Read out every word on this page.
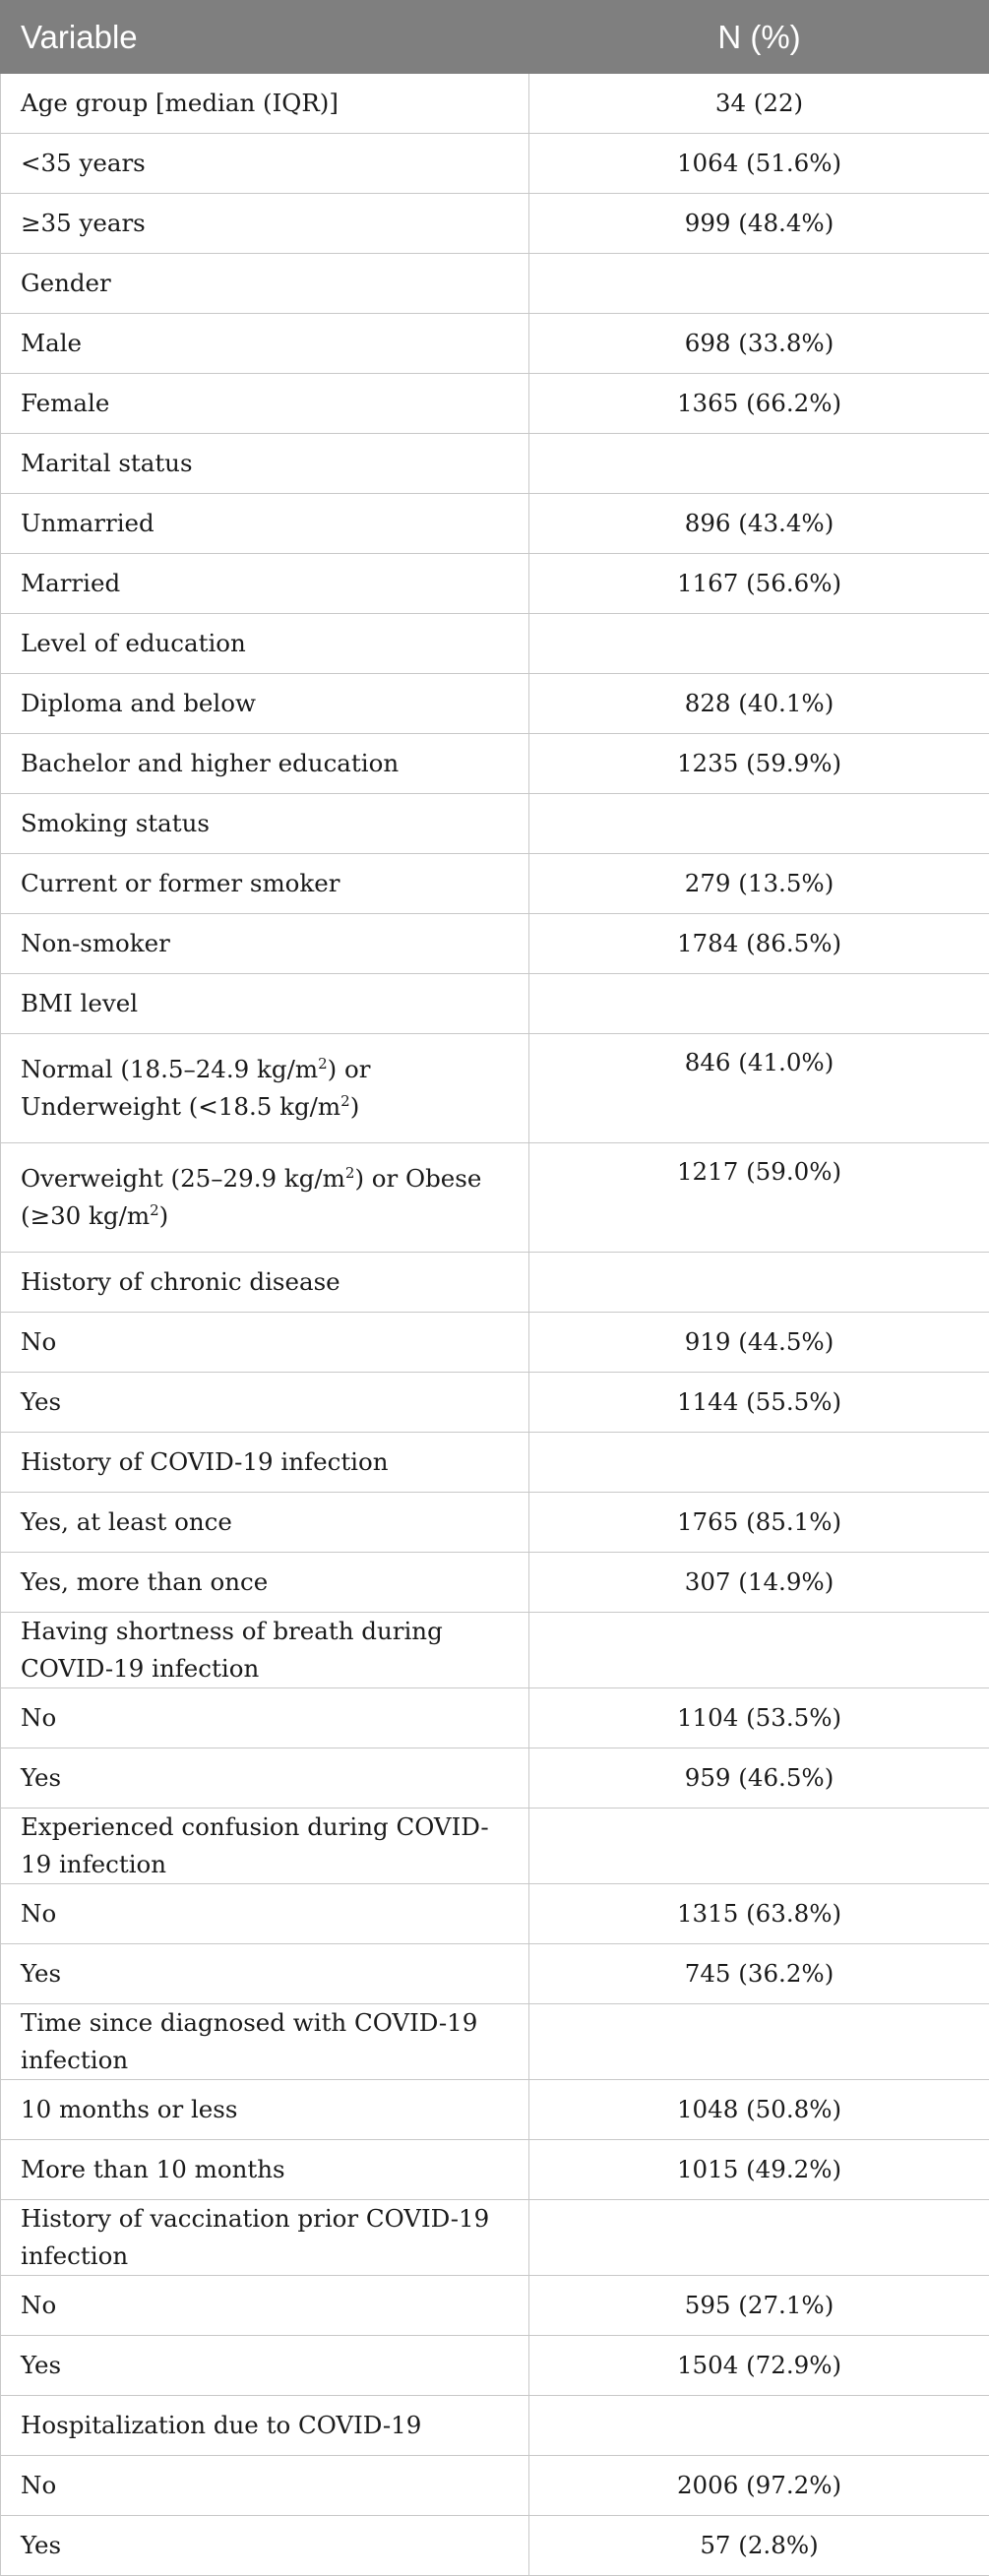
Variable	N (%)
Age group [median (IQR)]	34 (22)
<35 years	1064 (51.6%)
≥35 years	999 (48.4%)
Gender	
Male	698 (33.8%)
Female	1365 (66.2%)
Marital status	
Unmarried	896 (43.4%)
Married	1167 (56.6%)
Level of education	
Diploma and below	828 (40.1%)
Bachelor and higher education	1235 (59.9%)
Smoking status	
Current or former smoker	279 (13.5%)
Non-smoker	1784 (86.5%)
BMI level	
Normal (18.5–24.9 $kg/m^2$) or Underweight (<18.5 $kg/m^2$)	846 (41.0%)
Overweight (25–29.9 $kg/m^2$) or Obese (≥30 $kg/m^2$)	1217 (59.0%)
History of chronic disease	
No	919 (44.5%)
Yes	1144 (55.5%)
History of COVID-19 infection	
Yes, at least once	1765 (85.1%)
Yes, more than once	307 (14.9%)
Having shortness of breath during COVID-19 infection	
No	1104 (53.5%)
Yes	959 (46.5%)
Experienced confusion during COVID-19 infection	
No	1315 (63.8%)
Yes	745 (36.2%)
Time since diagnosed with COVID-19 infection	
10 months or less	1048 (50.8%)
More than 10 months	1015 (49.2%)
History of vaccination prior COVID-19 infection	
No	595 (27.1%)
Yes	1504 (72.9%)
Hospitalization due to COVID-19	
No	2006 (97.2%)
Yes	57 (2.8%)
